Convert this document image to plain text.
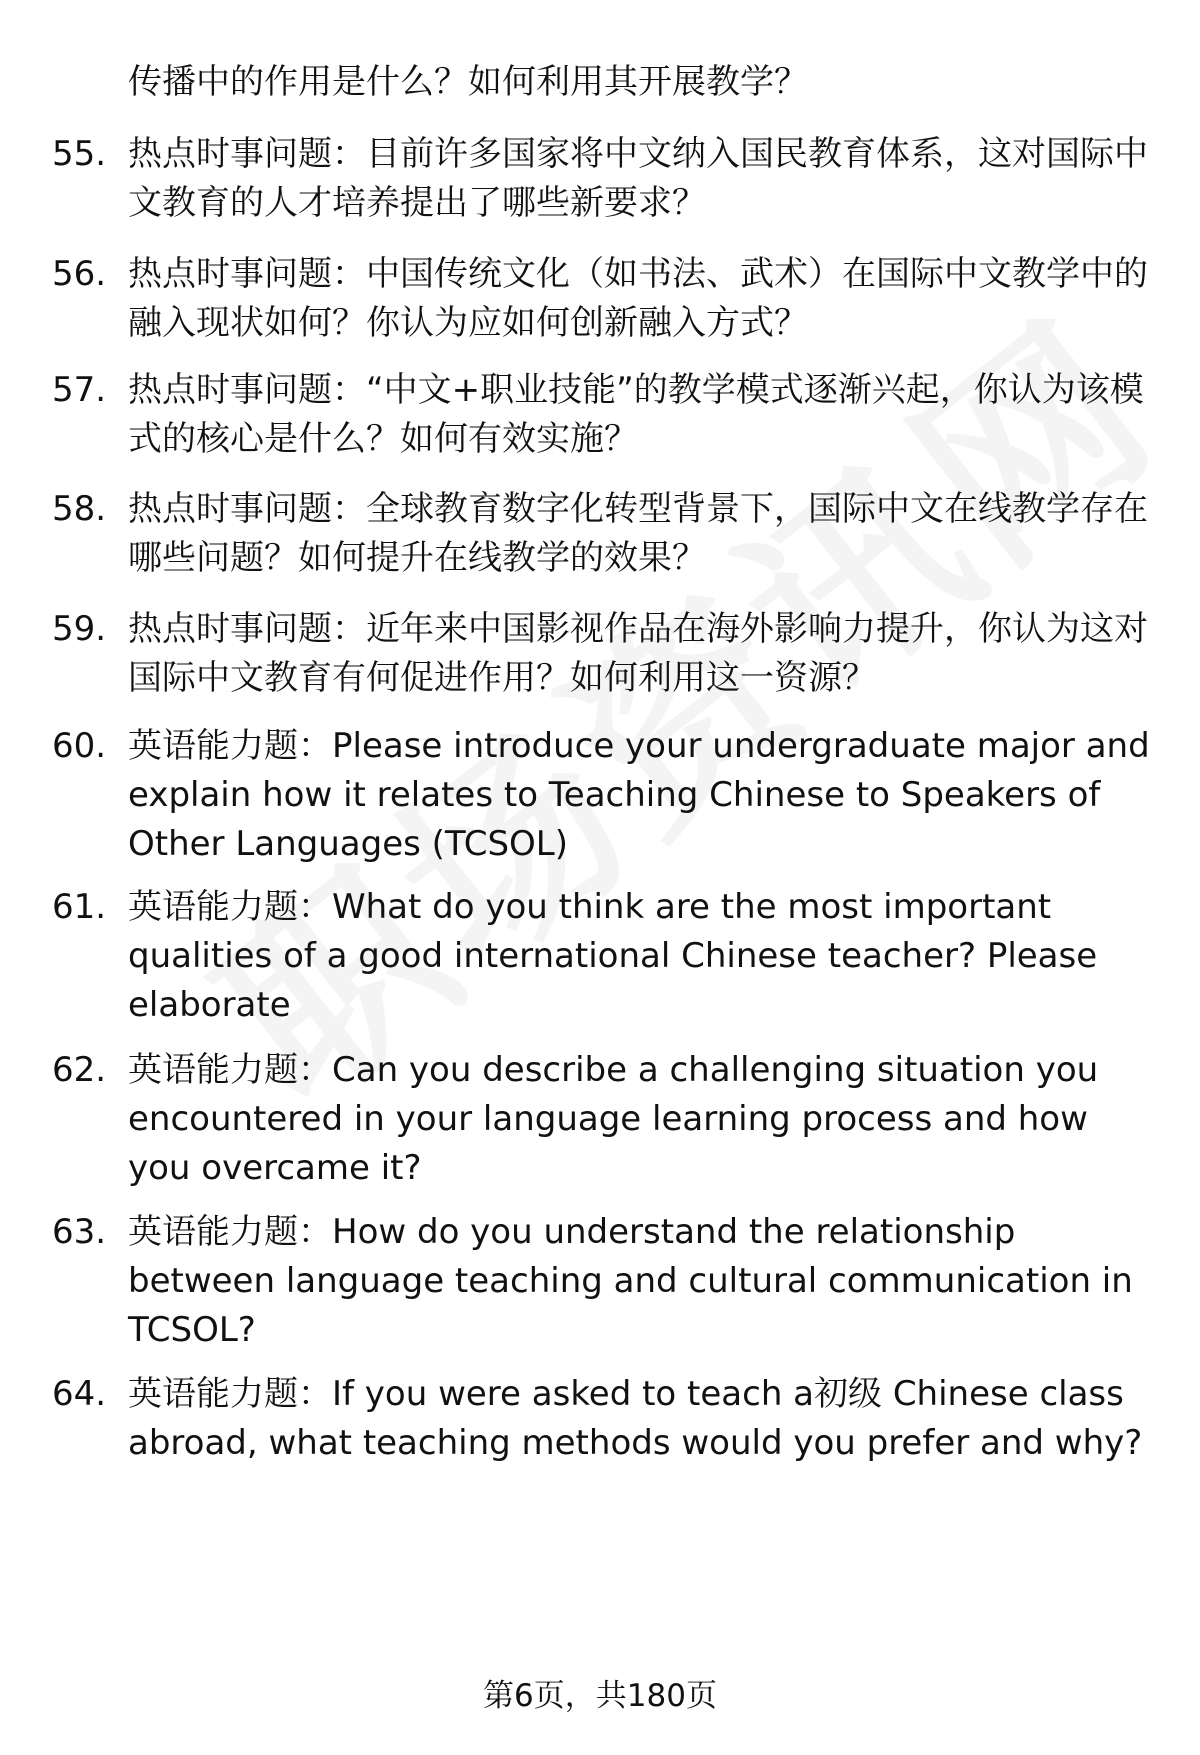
传播中的作用是什么？如何利用其开展教学？
55. 热点时事问题：目前许多国家将中文纳入国民教育体系，这对国际中文教育的人才培养提出了哪些新要求？
56. 热点时事问题：中国传统文化（如书法、武术）在国际中文教学中的融入现状如何？你认为应如何创新融入方式？
57. 热点时事问题：“中文+职业技能”的教学模式逐渐兴起，你认为该模式的核心是什么？如何有效实施？
58. 热点时事问题：全球教育数字化转型背景下，国际中文在线教学存在哪些问题？如何提升在线教学的效果？
59. 热点时事问题：近年来中国影视作品在海外影响力提升，你认为这对国际中文教育有何促进作用？如何利用这一资源？
60. 英语能力题：Please introduce your undergraduate major and explain how it relates to Teaching Chinese to Speakers of Other Languages (TCSOL)
61. 英语能力题：What do you think are the most important qualities of a good international Chinese teacher? Please elaborate
62. 英语能力题：Can you describe a challenging situation you encountered in your language learning process and how you overcame it?
63. 英语能力题：How do you understand the relationship between language teaching and cultural communication in TCSOL?
64. 英语能力题：If you were asked to teach a初级 Chinese class abroad, what teaching methods would you prefer and why?
第6页，共180页
